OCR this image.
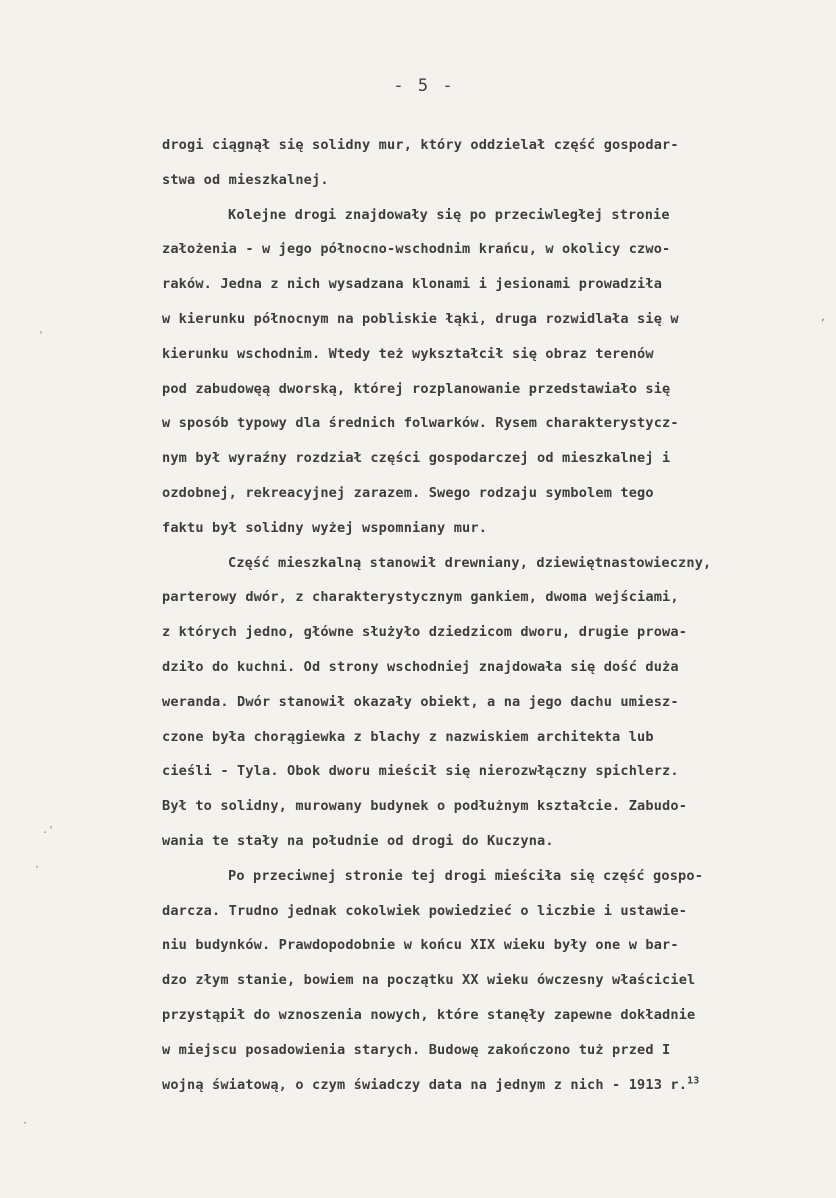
- 5 -
drogi ciągnął się solidny mur, który oddzielał część gospodar-
stwa od mieszkalnej.
Kolejne drogi znajdowały się po przeciwległej stronie
założenia - w jego północno-wschodnim krańcu, w okolicy czwo-
raków. Jedna z nich wysadzana klonami i jesionami prowadziła
w kierunku północnym na pobliskie łąki, druga rozwidlała się w
kierunku wschodnim. Wtedy też wykształcił się obraz terenów
pod zabudowęą dworską, której rozplanowanie przedstawiało się
w sposób typowy dla średnich folwarków. Rysem charakterystycz-
nym był wyraźny rozdział części gospodarczej od mieszkalnej i
ozdobnej, rekreacyjnej zarazem. Swego rodzaju symbolem tego
faktu był solidny wyżej wspomniany mur.
Część mieszkalną stanowił drewniany, dziewiętnastowieczny,
parterowy dwór, z charakterystycznym gankiem, dwoma wejściami,
z których jedno, główne służyło dziedzicom dworu, drugie prowa-
dziło do kuchni. Od strony wschodniej znajdowała się dość duża
weranda. Dwór stanowił okazały obiekt, a na jego dachu umiesz-
czone była chorągiewka z blachy z nazwiskiem architekta lub
cieśli - Tyla. Obok dworu mieścił się nierozwłączny spichlerz.
Był to solidny, murowany budynek o podłużnym kształcie. Zabudo-
wania te stały na południe od drogi do Kuczyna.
Po przeciwnej stronie tej drogi mieściła się część gospo-
darczа. Trudno jednak cokolwiek powiedzieć o liczbie i ustawie-
niu budynków. Prawdopodobnie w końcu XIX wieku były one w bar-
dzo złym stanie, bowiem na początku XX wieku ówczesny właściciel
przystąpił do wznoszenia nowych, które stanęły zapewne dokładnie
w miejscu posadowienia starych. Budowę zakończono tuż przed I
wojną światową, o czym świadczy data na jednym z nich - 1913 r.$^{13}$
,
'
.'
·
·
